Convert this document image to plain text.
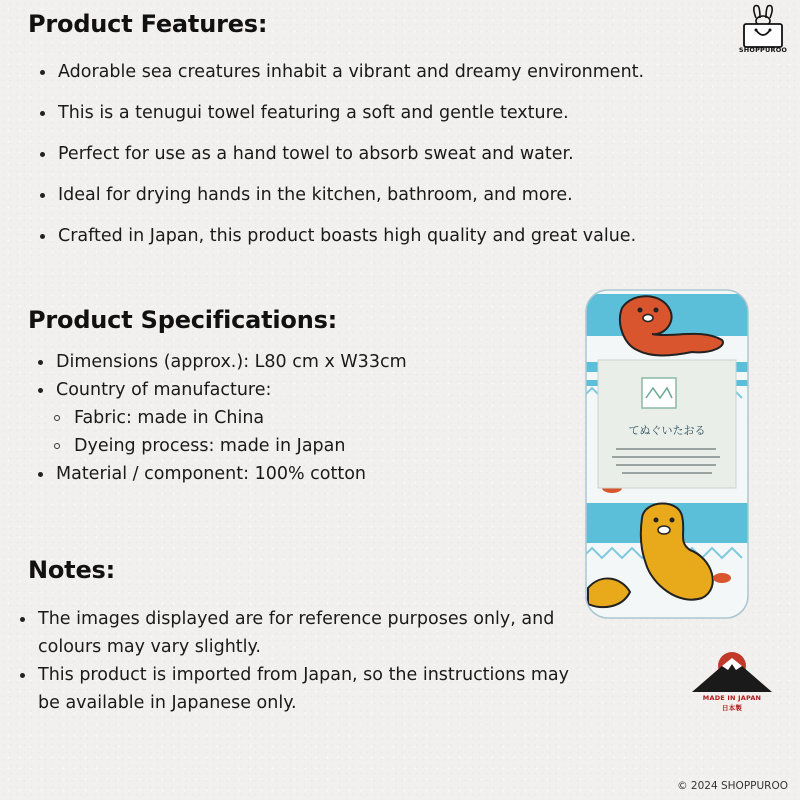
SHOPPUROO
Product Features:
Adorable sea creatures inhabit a vibrant and dreamy environment.
This is a tenugui towel featuring a soft and gentle texture.
Perfect for use as a hand towel to absorb sweat and water.
Ideal for drying hands in the kitchen, bathroom, and more.
Crafted in Japan, this product boasts high quality and great value.
Product Specifications:
Dimensions (approx.): L80 cm x W33cm
Country of manufacture:
Fabric: made in China
Dyeing process: made in Japan
Material / component: 100% cotton
Notes:
The images displayed are for reference purposes only, and colours may vary slightly.
This product is imported from Japan, so the instructions may be available in Japanese only.
てぬぐいたおる
MADE IN JAPAN
日本製
© 2024 SHOPPUROO
